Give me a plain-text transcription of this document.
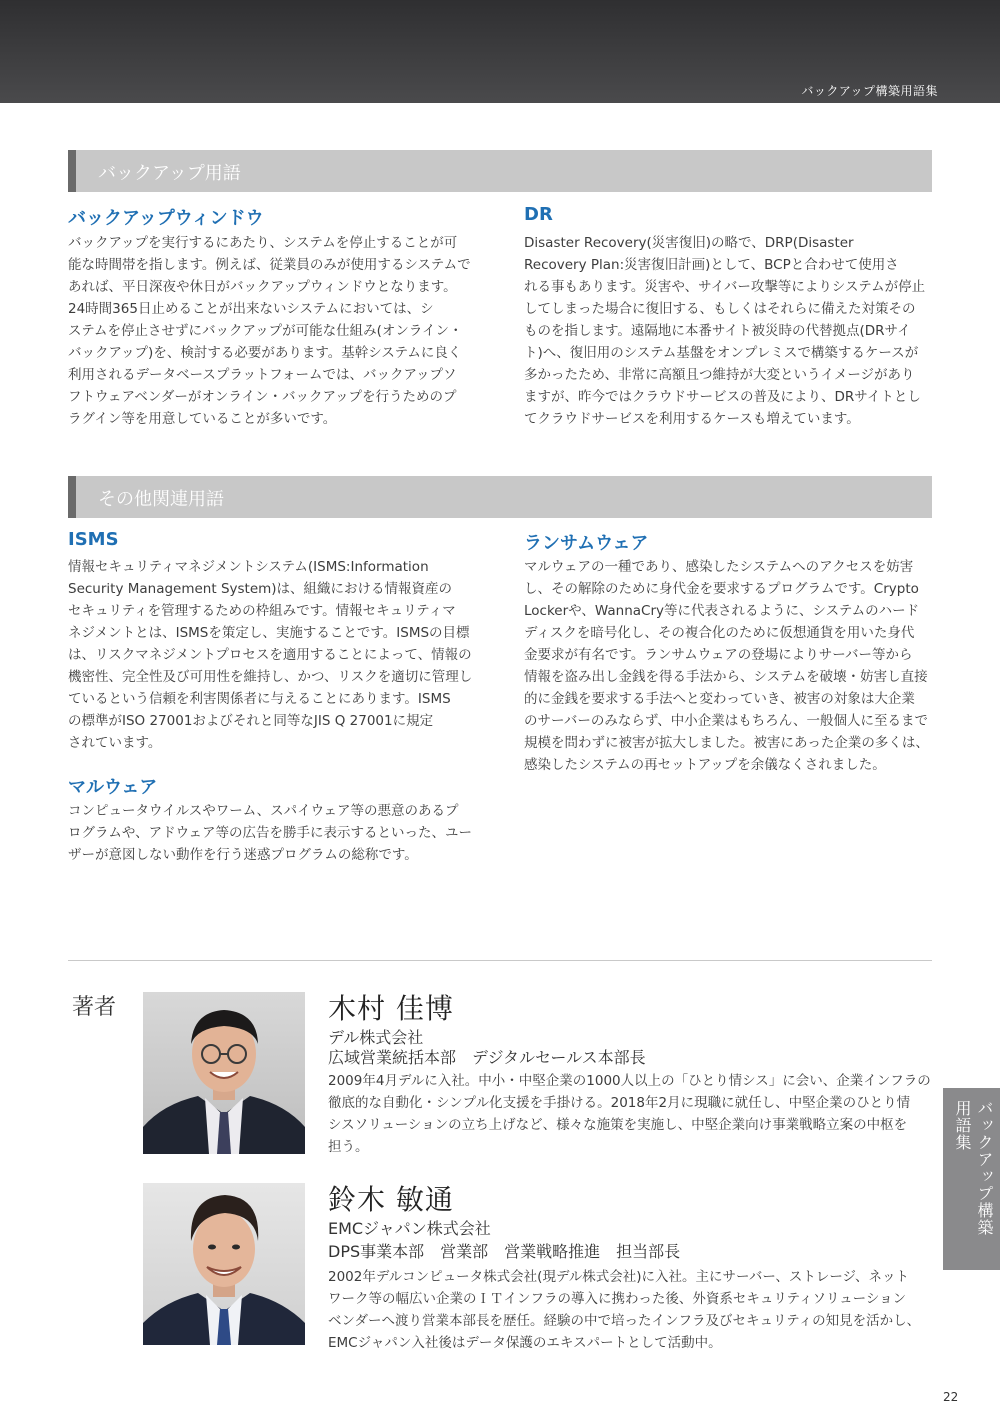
バックアップ構築用語集
バックアップ用語
バックアップウィンドウ
バックアップを実行するにあたり、システムを停止することが可
能な時間帯を指します。例えば、従業員のみが使用するシステムで
あれば、平日深夜や休日がバックアップウィンドウとなります。
24時間365日止めることが出来ないシステムにおいては、シ
ステムを停止させずにバックアップが可能な仕組み(オンライン・
バックアップ)を、検討する必要があります。基幹システムに良く
利用されるデータベースプラットフォームでは、バックアップソ
フトウェアベンダーがオンライン・バックアップを行うためのプ
ラグイン等を用意していることが多いです。
DR
Disaster Recovery(災害復旧)の略で、DRP(Disaster
Recovery Plan:災害復旧計画)として、BCPと合わせて使用さ
れる事もあります。災害や、サイバー攻撃等によりシステムが停止
してしまった場合に復旧する、もしくはそれらに備えた対策その
ものを指します。遠隔地に本番サイト被災時の代替拠点(DRサイ
ト)へ、復旧用のシステム基盤をオンプレミスで構築するケースが
多かったため、非常に高額且つ維持が大変というイメージがあり
ますが、昨今ではクラウドサービスの普及により、DRサイトとし
てクラウドサービスを利用するケースも増えています。
その他関連用語
ISMS
情報セキュリティマネジメントシステム(ISMS:Information
Security Management System)は、組織における情報資産の
セキュリティを管理するための枠組みです。情報セキュリティマ
ネジメントとは、ISMSを策定し、実施することです。ISMSの目標
は、リスクマネジメントプロセスを適用することによって、情報の
機密性、完全性及び可用性を維持し、かつ、リスクを適切に管理し
ているという信頼を利害関係者に与えることにあります。ISMS
の標準がISO 27001およびそれと同等なJIS Q 27001に規定
されています。
ランサムウェア
マルウェアの一種であり、感染したシステムへのアクセスを妨害
し、その解除のために身代金を要求するプログラムです。Crypto
Lockerや、WannaCry等に代表されるように、システムのハード
ディスクを暗号化し、その複合化のために仮想通貨を用いた身代
金要求が有名です。ランサムウェアの登場によりサーバー等から
情報を盗み出し金銭を得る手法から、システムを破壊・妨害し直接
的に金銭を要求する手法へと変わっていき、被害の対象は大企業
のサーバーのみならず、中小企業はもちろん、一般個人に至るまで
規模を問わずに被害が拡大しました。被害にあった企業の多くは、
感染したシステムの再セットアップを余儀なくされました。
マルウェア
コンピュータウイルスやワーム、スパイウェア等の悪意のあるプ
ログラムや、アドウェア等の広告を勝手に表示するといった、ユー
ザーが意図しない動作を行う迷惑プログラムの総称です。
著者	木村 佳博
デル株式会社
広域営業統括本部　デジタルセールス本部長
2009年4月デルに入社。中小・中堅企業の1000人以上の「ひとり情シス」に会い、企業インフラの
徹底的な自動化・シンプル化支援を手掛ける。2018年2月に現職に就任し、中堅企業のひとり情
シスソリューションの立ち上げなど、様々な施策を実施し、中堅企業向け事業戦略立案の中枢を
担う。
鈴木 敏通
EMCジャパン株式会社
DPS事業本部　営業部　営業戦略推進　担当部長
2002年デルコンピュータ株式会社(現デル株式会社)に入社。主にサーバー、ストレージ、ネット
ワーク等の幅広い企業のＩＴインフラの導入に携わった後、外資系セキュリティソリューション
ベンダーへ渡り営業本部長を歴任。経験の中で培ったインフラ及びセキュリティの知見を活かし、
EMCジャパン入社後はデータ保護のエキスパートとして活動中。
バックアップ構築
用語集
22
